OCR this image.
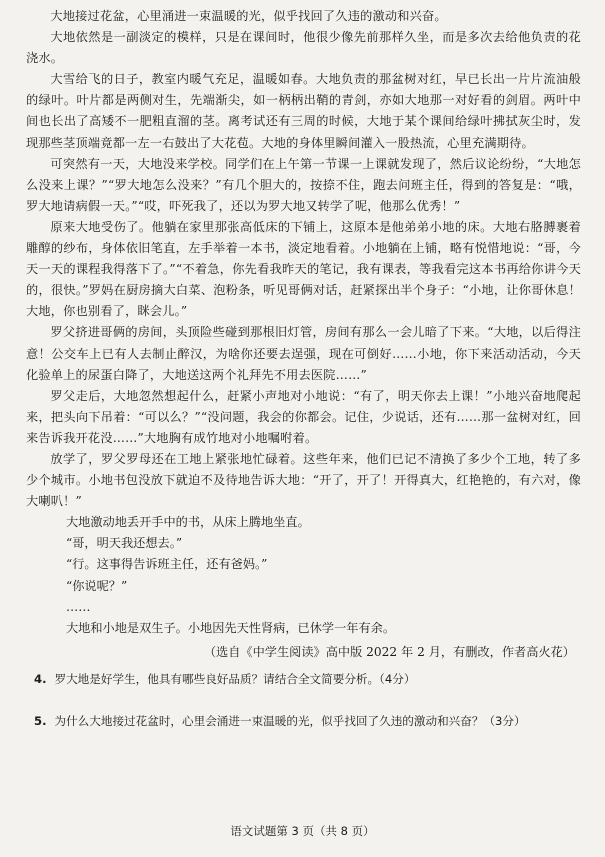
大地接过花盆，心里涌进一束温暖的光，似乎找回了久违的激动和兴奋。

大地依然是一副淡定的模样，只是在课间时，他很少像先前那样久坐，而是多次去给他负责的花浇水。

大雪给飞的日子，教室内暖气充足，温暖如春。大地负责的那盆树对红，早已长出一片片流油般的绿叶。叶片都是两侧对生，先端渐尖，如一柄柄出鞘的青剑，亦如大地那一对好看的剑眉。两叶中间也长出了高矮不一肥粗直溜的茎。离考试还有三周的时候，大地于某个课间给绿叶拂拭灰尘时，发现那些茎顶端竟都一左一右鼓出了大花苞。大地的身体里瞬间灌入一股热流，心里充满期待。

可突然有一天，大地没来学校。同学们在上午第一节课一上课就发现了，然后议论纷纷，“大地怎么没来上课？”“罗大地怎么没来？”有几个胆大的，按捺不住，跑去问班主任，得到的答复是：“哦，罗大地请病假一天。”“哎，吓死我了，还以为罗大地又转学了呢，他那么优秀！”

原来大地受伤了。他躺在家里那张高低床的下铺上，这原本是他弟弟小地的床。大地右胳膊裹着雕醇的纱布，身体依旧笔直，左手举着一本书，淡定地看着。小地躺在上铺，略有悦惜地说：“哥，今天一天的课程我得落下了。”“不着急，你先看我昨天的笔记，我有课表，等我看完这本书再给你讲今天的，很快。”罗妈在厨房摘大白菜、泡粉条，听见哥俩对话，赶紧探出半个身子：“小地，让你哥休息！大地，你也别看了，眯会儿。”

罗父挤进哥俩的房间，头顶险些碰到那根旧灯管，房间有那么一会儿暗了下来。“大地，以后得注意！公交车上已有人去制止醉汉，为啥你还要去逞强，现在可倒好……小地，你下来活动活动，今天化验单上的尿蛋白降了，大地送这两个礼拜先不用去医院……”

罗父走后，大地忽然想起什么，赶紧小声地对小地说：“有了，明天你去上课！”小地兴奋地爬起来，把头向下吊着：“可以么？”“没问题，我会的你都会。记住，少说话，还有……那一盆树对红，回来告诉我开花没……”大地胸有成竹地对小地嘱咐着。

放学了，罗父罗母还在工地上紧张地忙碌着。这些年来，他们已记不清换了多少个工地，转了多少个城市。小地书包没放下就迫不及待地告诉大地：“开了，开了！开得真大，红艳艳的，有六对，像大喇叭！”

大地激动地丢开手中的书，从床上腾地坐直。

“哥，明天我还想去。”

“行。这事得告诉班主任，还有爸妈。”

“你说呢？”

……

大地和小地是双生子。小地因先天性肾病，已休学一年有余。

（选自《中学生阅读》高中版 2022 年 2 月，有删改，作者高火花）

4. 罗大地是好学生，他具有哪些良好品质？请结合全文简要分析。（4分）
5. 为什么大地接过花盆时，心里会涌进一束温暖的光，似乎找回了久违的激动和兴奋？（3分）
语文试题第 3 页（共 8 页）
